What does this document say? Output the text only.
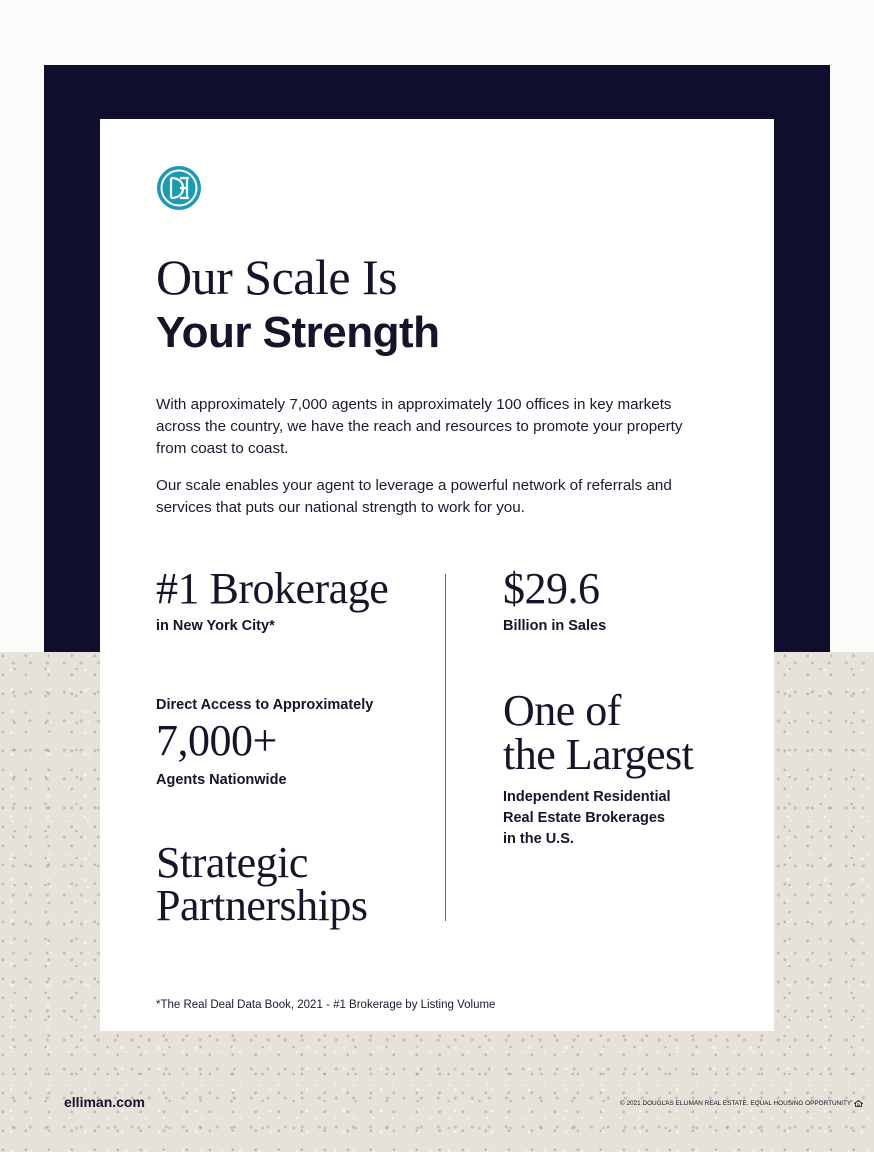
Our Scale Is
Your Strength

With approximately 7,000 agents in approximately 100 offices in key markets across the country, we have the reach and resources to promote your property from coast to coast.

Our scale enables your agent to leverage a powerful network of referrals and services that puts our national strength to work for you.

#1 Brokerage

in New York City*

$29.6

Billion in Sales

Direct Access to Approximately

7,000+

Agents Nationwide

One of
the Largest
Independent Residential
Real Estate Brokerages
in the U.S.
Strategic
Partnerships

*The Real Deal Data Book, 2021 - #1 Brokerage by Listing Volume

elliman.com	© 2021 DOUGLAS ELLIMAN REAL ESTATE. EQUAL HOUSING OPPORTUNITY
